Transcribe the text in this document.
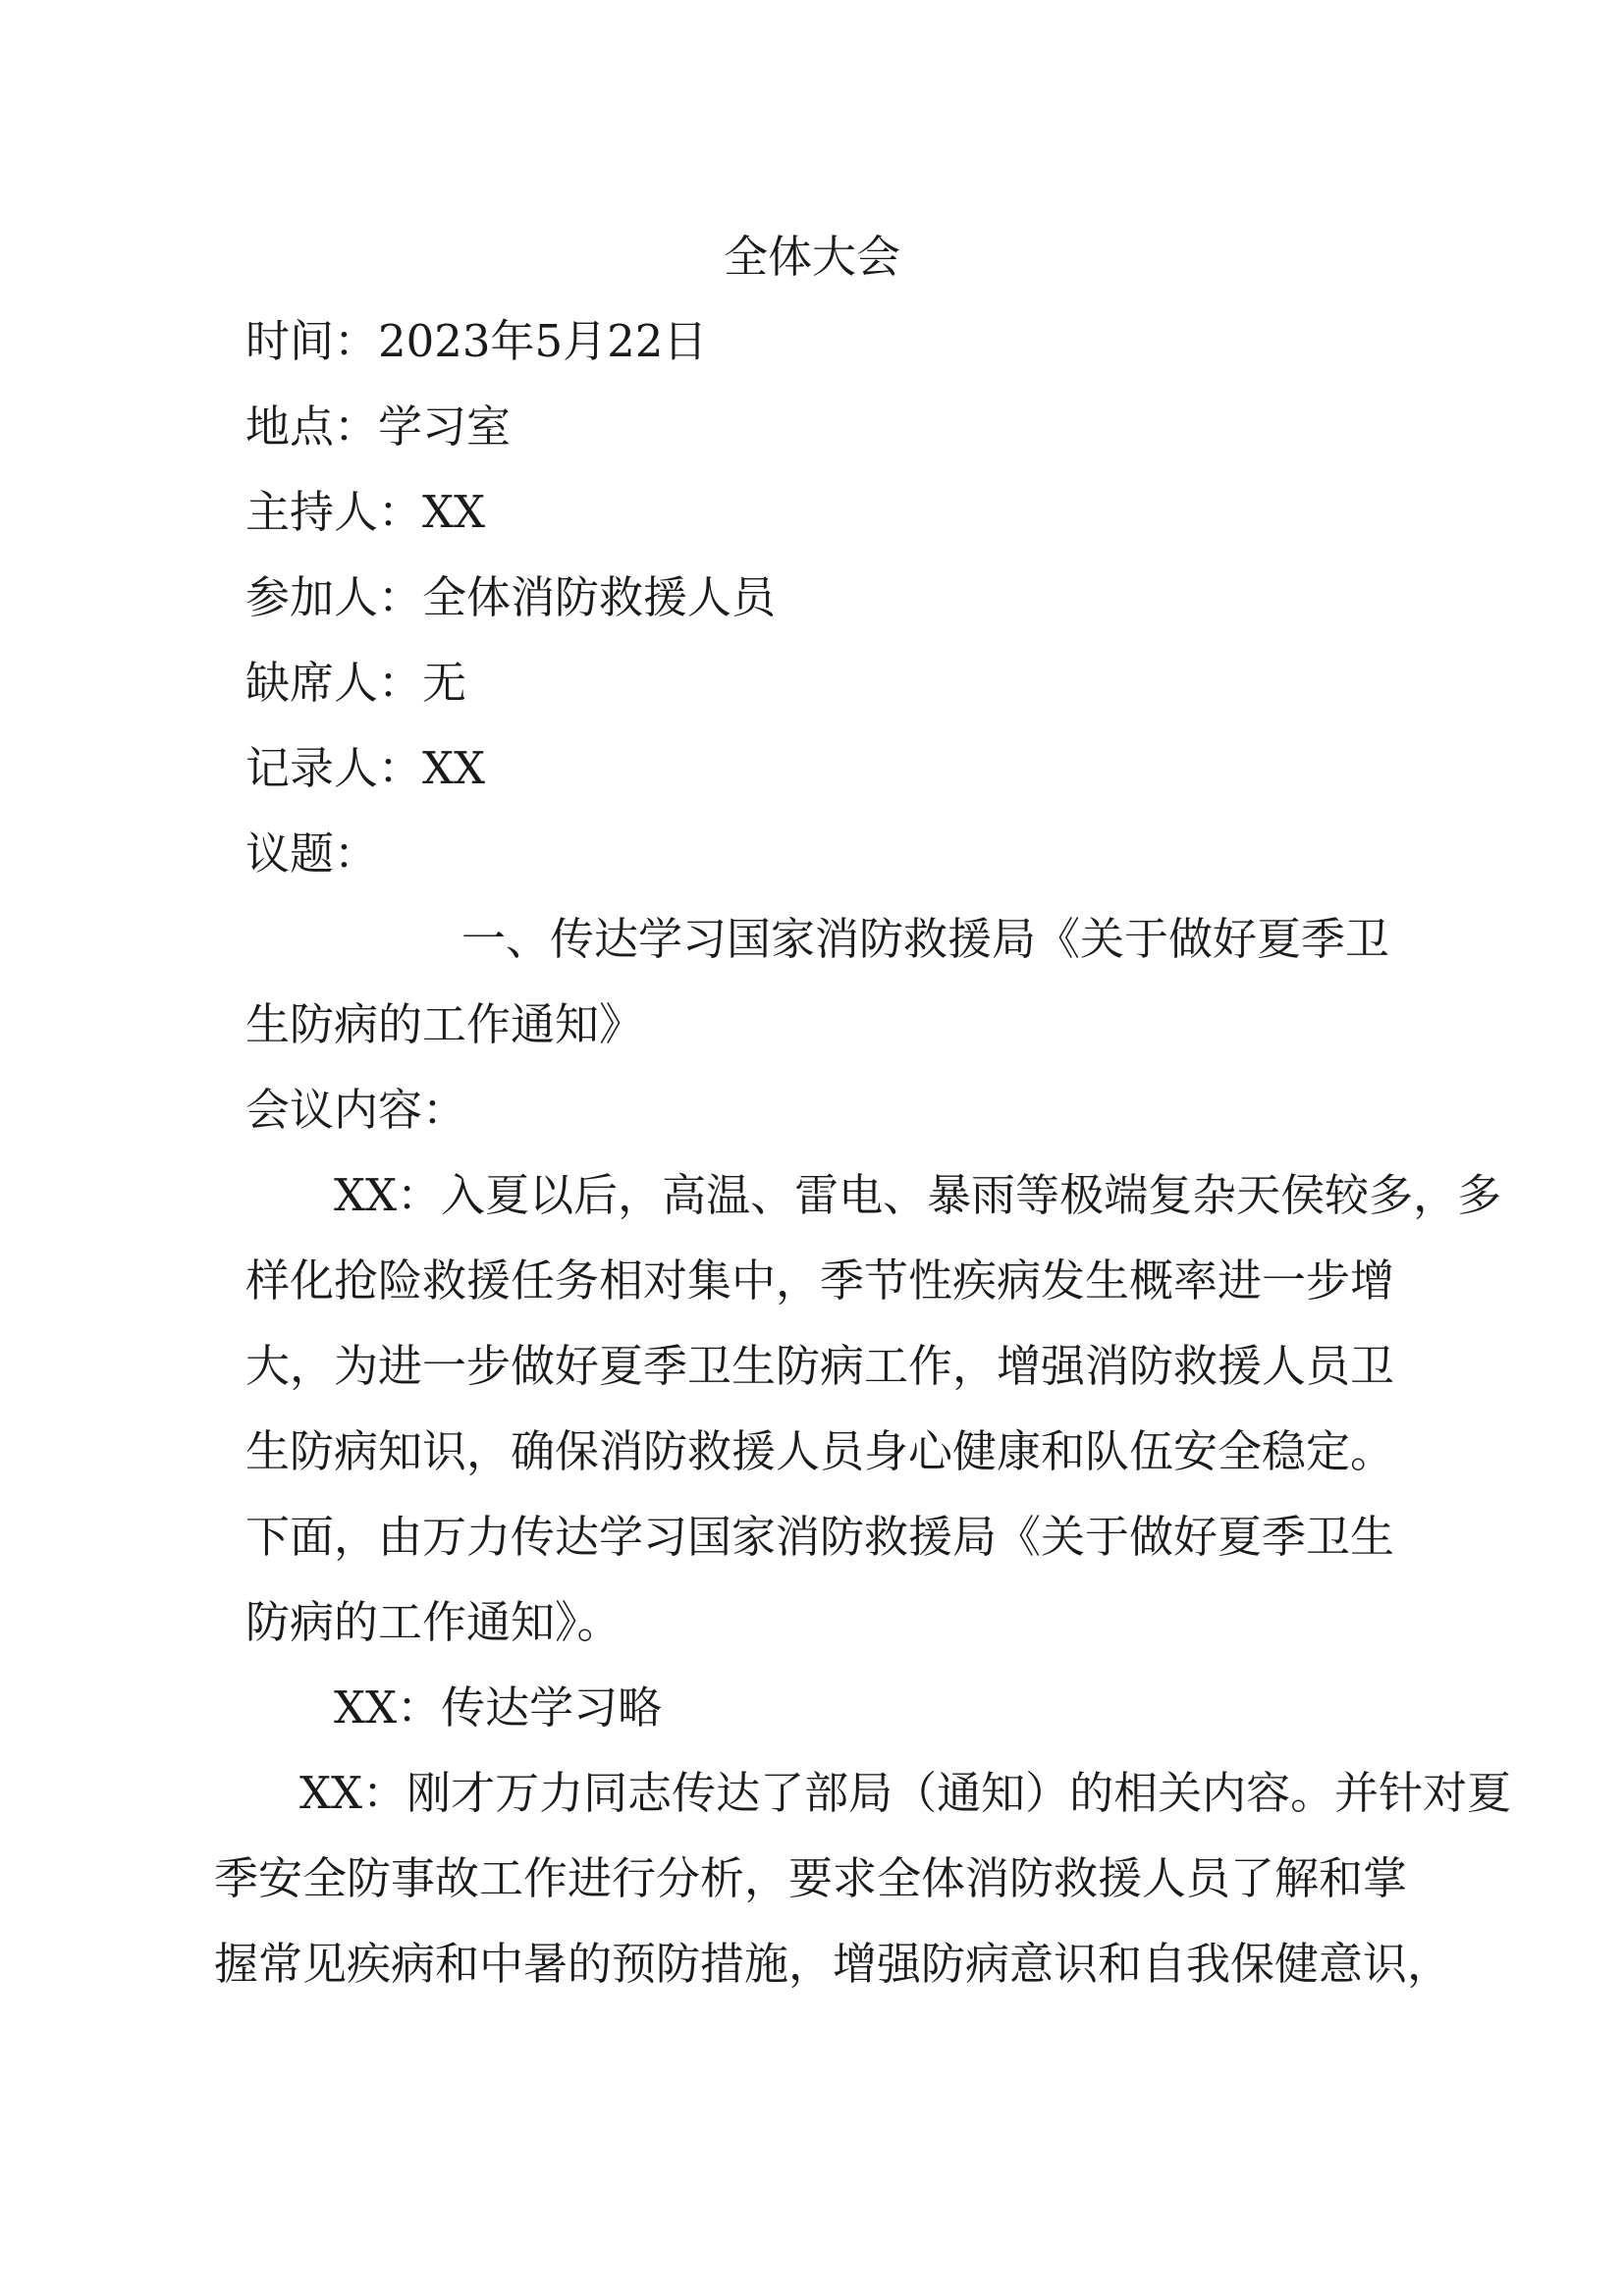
全体大会
时间：2023年5月22日
地点：学习室
主持人：XX
参加人：全体消防救援人员
缺席人：无
记录人：XX
议题：
一、传达学习国家消防救援局《关于做好夏季卫
生防病的工作通知》
会议内容：
XX：入夏以后，高温、雷电、暴雨等极端复杂天侯较多，多
样化抢险救援任务相对集中，季节性疾病发生概率进一步增
大，为进一步做好夏季卫生防病工作，增强消防救援人员卫
生防病知识，确保消防救援人员身心健康和队伍安全稳定。
下面，由万力传达学习国家消防救援局《关于做好夏季卫生
防病的工作通知》。
XX：传达学习略
XX：刚才万力同志传达了部局（通知）的相关内容。并针对夏
季安全防事故工作进行分析，要求全体消防救援人员了解和掌
握常见疾病和中暑的预防措施，增强防病意识和自我保健意识，
